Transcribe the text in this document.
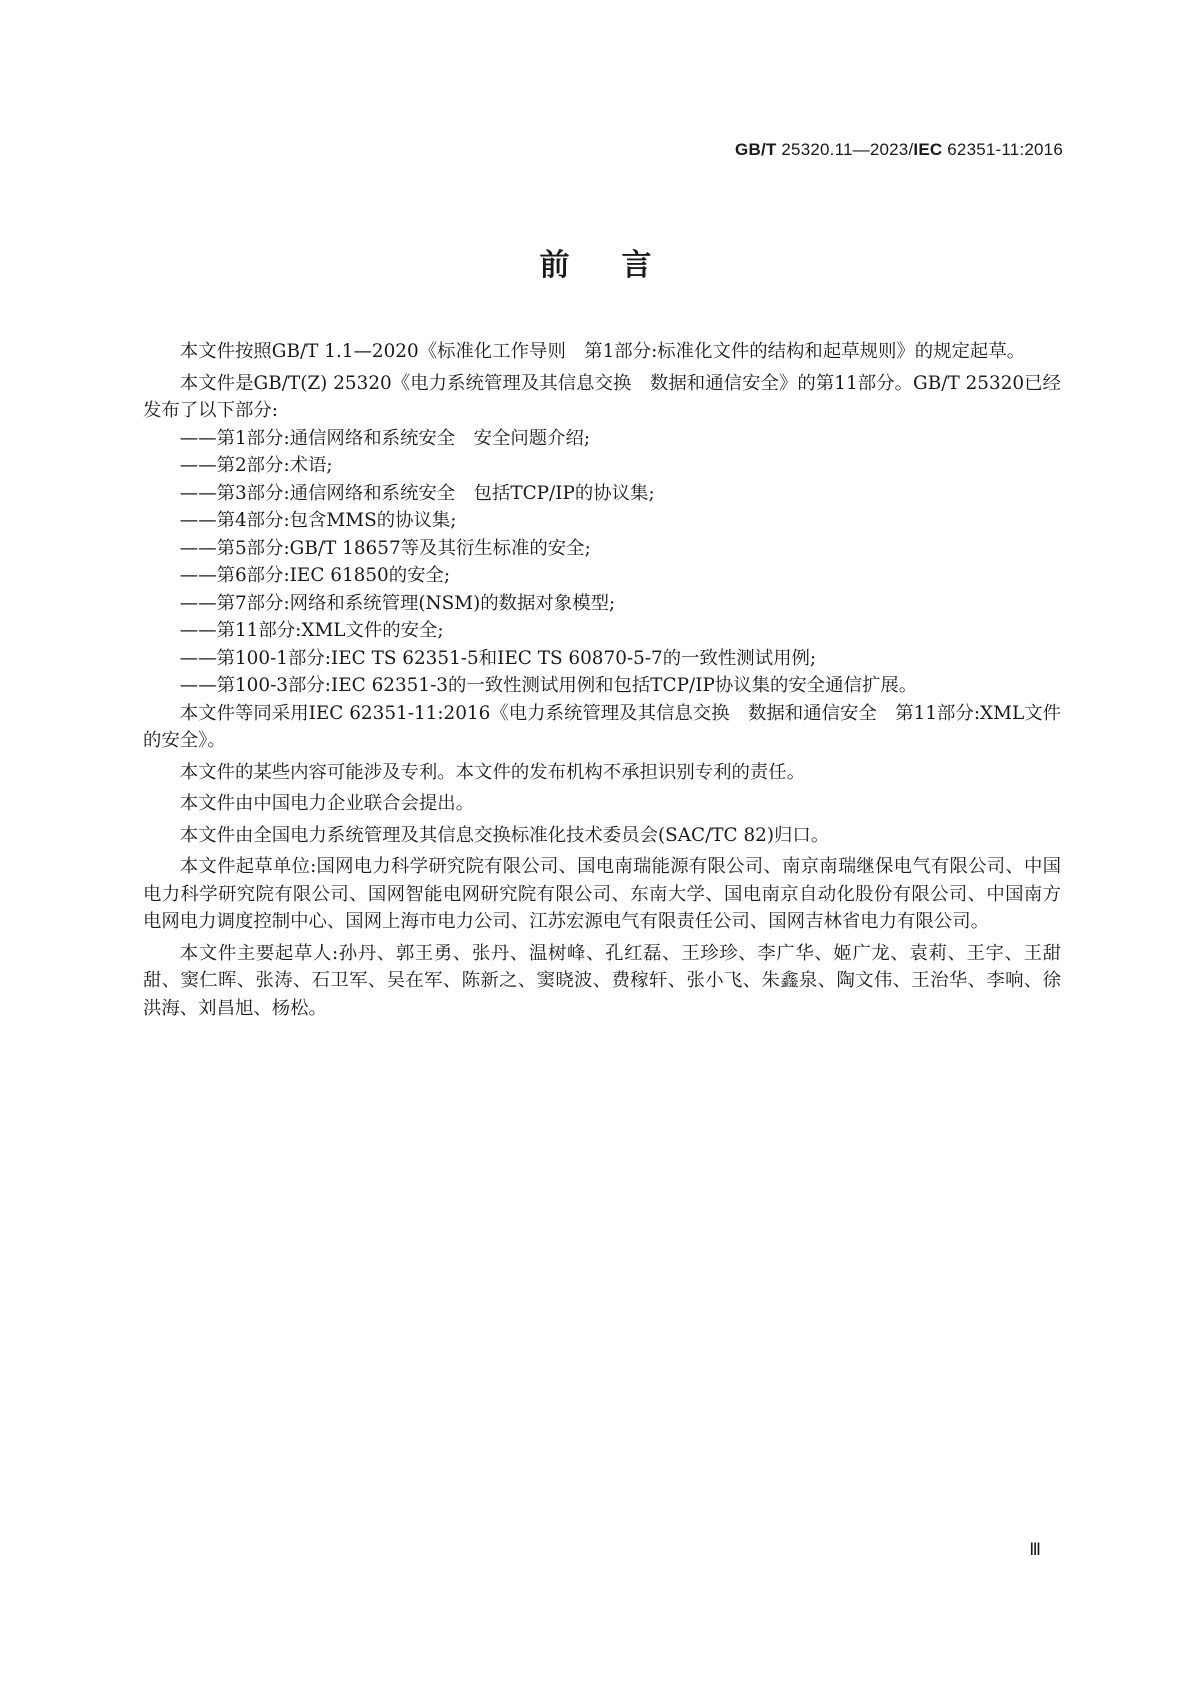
GB/T 25320.11—2023/IEC 62351-11:2016
前言

本文件按照GB/T 1.1—2020《标准化工作导则　第1部分:标准化文件的结构和起草规则》的规定起草。

本文件是GB/T(Z) 25320《电力系统管理及其信息交换　数据和通信安全》的第11部分。GB/T 25320已经发布了以下部分:

——第1部分:通信网络和系统安全　安全问题介绍;
——第2部分:术语;
——第3部分:通信网络和系统安全　包括TCP/IP的协议集;
——第4部分:包含MMS的协议集;
——第5部分:GB/T 18657等及其衍生标准的安全;
——第6部分:IEC 61850的安全;
——第7部分:网络和系统管理(NSM)的数据对象模型;
——第11部分:XML文件的安全;
——第100-1部分:IEC TS 62351-5和IEC TS 60870-5-7的一致性测试用例;
——第100-3部分:IEC 62351-3的一致性测试用例和包括TCP/IP协议集的安全通信扩展。

本文件等同采用IEC 62351-11:2016《电力系统管理及其信息交换　数据和通信安全　第11部分:XML文件的安全》。

本文件的某些内容可能涉及专利。本文件的发布机构不承担识别专利的责任。

本文件由中国电力企业联合会提出。

本文件由全国电力系统管理及其信息交换标准化技术委员会(SAC/TC 82)归口。

本文件起草单位:国网电力科学研究院有限公司、国电南瑞能源有限公司、南京南瑞继保电气有限公司、中国电力科学研究院有限公司、国网智能电网研究院有限公司、东南大学、国电南京自动化股份有限公司、中国南方电网电力调度控制中心、国网上海市电力公司、江苏宏源电气有限责任公司、国网吉林省电力有限公司。

本文件主要起草人:孙丹、郭王勇、张丹、温树峰、孔红磊、王珍珍、李广华、姬广龙、袁莉、王宇、王甜甜、窦仁晖、张涛、石卫军、吴在军、陈新之、窦晓波、费稼轩、张小飞、朱鑫泉、陶文伟、王治华、李响、徐洪海、刘昌旭、杨松。

Ⅲ
